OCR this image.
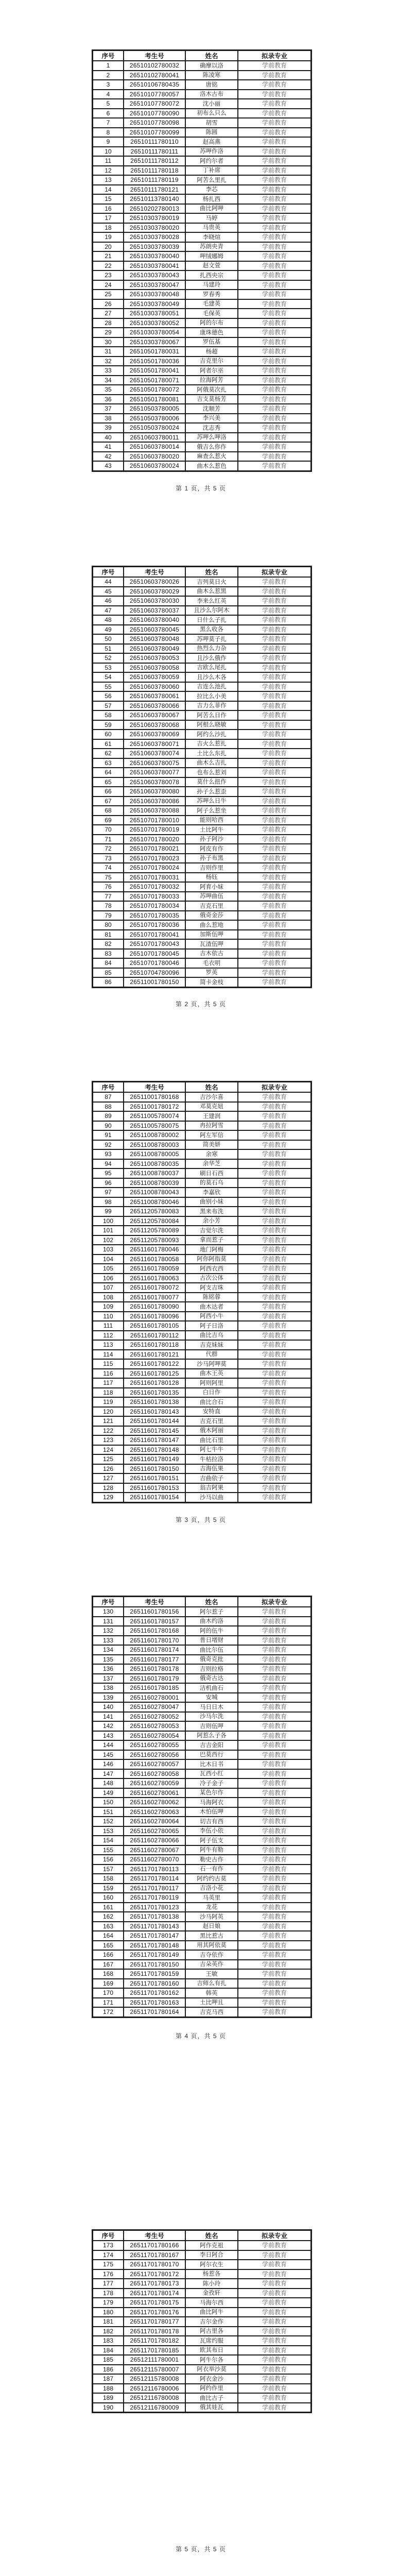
序号	考生号	姓名	拟录专业
1	26510102780032	确摩以洛	学前教育
2	26510102780041	陈凌寒	学前教育
3	26510106780435	唐铭	学前教育
4	26510107780057	洛木古布	学前教育
5	26510107780072	沈小丽	学前教育
6	26510107780090	初布么只么	学前教育
7	26510107780098	胡雪	学前教育
8	26510107780099	陈圆	学前教育
9	26510111780110	赵高燕	学前教育
10	26510111780111	苏呷作洛	学前教育
11	26510111780112	阿约尔者	学前教育
12	26510111780118	丁补席	学前教育
13	26510111780119	阿苦么里扎	学前教育
14	26510111780121	李芯	学前教育
15	26510113780140	杨扎西	学前教育
16	26510202780013	曲比阿呷	学前教育
17	26510303780019	马婷	学前教育
18	26510303780020	马贵英	学前教育
19	26510303780028	李晓煊	学前教育
20	26510303780039	苏朗央青	学前教育
21	26510303780040	呷绒娜姆	学前教育
22	26510303780041	赵文萱	学前教育
23	26510303780043	扎西央宗	学前教育
24	26510303780047	马建玲	学前教育
25	26510303780048	罗春秀	学前教育
26	26510303780049	毛建英	学前教育
27	26510303780051	毛保英	学前教育
28	26510303780052	阿的尔布	学前教育
29	26510303780054	康珠德色	学前教育
30	26510303780067	罗伍基	学前教育
31	26510501780031	杨超	学前教育
32	26510501780036	吉克里尔	学前教育
33	26510501780041	阿者尔巫	学前教育
34	26510501780071	拉海阿芳	学前教育
35	26510501780072	阿俄莫次扎	学前教育
36	26510501780081	吉支莫杨芳	学前教育
37	26510503780005	沈顺芳	学前教育
38	26510503780006	李兴美	学前教育
39	26510503780024	沈志秀	学前教育
40	26510603780011	苏呷么呷洛	学前教育
41	26510603780014	俄吉么你作	学前教育
42	26510603780020	麻查么惹火	学前教育
43	26510603780024	曲木么惹色	学前教育
第 1 页，共 5 页
序号	考生号	姓名	拟录专业
44	26510603780026	吉列莫日火	学前教育
45	26510603780029	曲木么惹黑	学前教育
46	26510603780030	李来么红英	学前教育
47	26510603780037	且沙么尔阿木	学前教育
48	26510603780040	日什么子扎	学前教育
49	26510603780045	黑么收各	学前教育
50	26510603780048	苏呷莫子扎	学前教育
51	26510603780049	热烈么力杂	学前教育
52	26510603780053	且沙么俄作	学前教育
53	26510603780058	吉欧么尾扎	学前教育
54	26510603780059	且沙么木各	学前教育
55	26510603780060	吉连么池扎	学前教育
56	26510603780061	拉比么小美	学前教育
57	26510603780066	吉力么菲作	学前教育
58	26510603780067	阿苦么日作	学前教育
59	26510603780068	阿根么晓敏	学前教育
60	26510603780069	阿约么沙扎	学前教育
61	26510603780071	吉火么惹扎	学前教育
62	26510603780074	土比么东扎	学前教育
63	26510603780075	曲木么吉扎	学前教育
64	26510603780077	也布么惹刘	学前教育
65	26510603780078	莫什么扭作	学前教育
66	26510603780080	孙子么惹歪	学前教育
67	26510603780086	苏呷么日牛	学前教育
68	26510603780088	阿子么惹坐	学前教育
69	26510701780010	能则哈西	学前教育
70	26510701780019	土比阿牛	学前教育
71	26510701780020	孙子阿沙	学前教育
72	26510701780021	阿皮有作	学前教育
73	26510701780023	孙子布黑	学前教育
74	26510701780024	吉则作里	学前教育
75	26510701780031	杨钰	学前教育
76	26510701780032	阿育小妹	学前教育
77	26510701780033	苏呷曲伍	学前教育
78	26510701780034	吉克石里	学前教育
79	26510701780035	俄奇金莎	学前教育
80	26510701780036	曲么惹地	学前教育
81	26510701780041	加斯伍呷	学前教育
82	26510701780043	瓦渣伍呷	学前教育
83	26510701780045	吉木依古	学前教育
84	26510701780046	毛衣明	学前教育
85	26510704780096	罗英	学前教育
86	26511001780150	简卡金枝	学前教育
第 2 页，共 5 页
序号	考生号	姓名	拟录专业
87	26511001780168	吉沙尔喜	学前教育
88	26511001780172	邓莫克妞	学前教育
89	26511005780074	王建润	学前教育
90	26511005780075	冉拉阿雪	学前教育
91	26511008780002	阿左军信	学前教育
92	26511008780003	简美妍	学前教育
93	26511008780005	余寒	学前教育
94	26511008780035	余华芝	学前教育
95	26511008780037	刷日石西	学前教育
96	26511008780039	的莫石乌	学前教育
97	26511008780043	李嘉欣	学前教育
98	26511008780046	曲别小妹	学前教育
99	26511205780083	黑来布洗	学前教育
100	26511205780084	余小芳	学前教育
101	26511205780089	吉觉尔洗	学前教育
102	26511205780093	拿而惹子	学前教育
103	26511601780046	地门阿梅	学前教育
104	26511601780058	阿你阿指莫	学前教育
105	26511601780059	阿西衣西	学前教育
106	26511601780063	古次公体	学前教育
107	26511601780072	阿支吉珠	学前教育
108	26511601780077	陈铭蓉	学前教育
109	26511601780090	曲木达者	学前教育
110	26511601780096	阿西小牛	学前教育
111	26511601780105	阿子日洛	学前教育
112	26511601780112	曲比吉乌	学前教育
113	26511601780118	吉克妹妹	学前教育
114	26511601780121	代群	学前教育
115	26511601780122	沙马阿呷莫	学前教育
116	26511601780125	曲木王英	学前教育
117	26511601780128	阿则阿里	学前教育
118	26511601780135	白日作	学前教育
119	26511601780138	曲比合石	学前教育
120	26511601780143	安特直	学前教育
121	26511601780144	吉克石里	学前教育
122	26511601780145	俄木阿丽	学前教育
123	26511601780147	曲比石里	学前教育
124	26511601780148	阿七牛牛	学前教育
125	26511601780149	牛枯拉洛	学前教育
126	26511601780150	吉海伍果	学前教育
127	26511601780151	吉曲依子	学前教育
128	26511601780153	翁吉阿果	学前教育
129	26511601780154	沙马以曲	学前教育
第 3 页，共 5 页
序号	考生号	姓名	拟录专业
130	26511601780156	阿尔惹子	学前教育
131	26511601780157	曲木约洛	学前教育
132	26511601780168	阿的伍牛	学前教育
133	26511601780170	普日堵财	学前教育
134	26511601780174	曲比尔伍	学前教育
135	26511601780177	俄奇克批	学前教育
136	26511601780178	吉则拉格	学前教育
137	26511601780179	俄奇古达	学前教育
138	26511601780185	洁机曲石	学前教育
139	26511602780001	安城	学前教育
140	26511602780047	马日日木	学前教育
141	26511602780052	沙马尔洗	学前教育
142	26511602780053	吉则伍呷	学前教育
143	26511602780054	阿惹么子各	学前教育
144	26511602780055	吉吉金阳	学前教育
145	26511602780056	巴莫西行	学前教育
146	26511602780057	比木日书	学前教育
147	26511602780058	瓦西小红	学前教育
148	26511602780059	冷子金子	学前教育
149	26511602780061	某色尔作	学前教育
150	26511602780062	马海阿衣	学前教育
151	26511602780063	木怕伍呷	学前教育
152	26511602780064	切吉有西	学前教育
153	26511602780065	李伍小依	学前教育
154	26511602780066	阿子伍支	学前教育
155	26511602780067	阿牛有勒	学前教育
156	26511602780070	勒史古作	学前教育
157	26511701780113	石一有作	学前教育
158	26511701780114	阿约约古莫	学前教育
159	26511701780117	吉洛小花	学前教育
160	26511701780119	马英里	学前教育
161	26511701780123	龙花	学前教育
162	26511701780138	沙马阿英	学前教育
163	26511701780143	赵日娘	学前教育
164	26511701780147	黑比惹古	学前教育
165	26511701780148	用其阿依莫	学前教育
166	26511701780149	吉夺依作	学前教育
167	26511701780150	吉朵英作	学前教育
168	26511701780159	王敏	学前教育
169	26511701780160	吉师么有扎	学前教育
170	26511701780162	韩英	学前教育
171	26511701780163	土比呷且	学前教育
172	26511701780164	吉克马西	学前教育
第 4 页，共 5 页
序号	考生号	姓名	拟录专业
173	26511701780166	阿作克祖	学前教育
174	26511701780167	李日阿合	学前教育
175	26511701780170	阿尔衣生	学前教育
176	26511701780172	杨惹各	学前教育
177	26511701780173	陈小玲	学前教育
178	26511701780174	金孜轩	学前教育
179	26511701780175	马海尔西	学前教育
180	26511701780176	曲比阿牛	学前教育
181	26511701780177	吉尔金作	学前教育
182	26511701780178	阿古里各	学前教育
183	26511701780182	瓦席约服	学前教育
184	26511701780185	欧其布日	学前教育
185	26512111780001	阿牛尔各	学前教育
186	26512115780007	阿衣举沙莫	学前教育
187	26512115780008	阿衣金沙	学前教育
188	26512116780006	阿约作里	学前教育
189	26512116780008	曲比古子	学前教育
190	26512116780009	俄其娃瓦	学前教育
第 5 页，共 5 页
